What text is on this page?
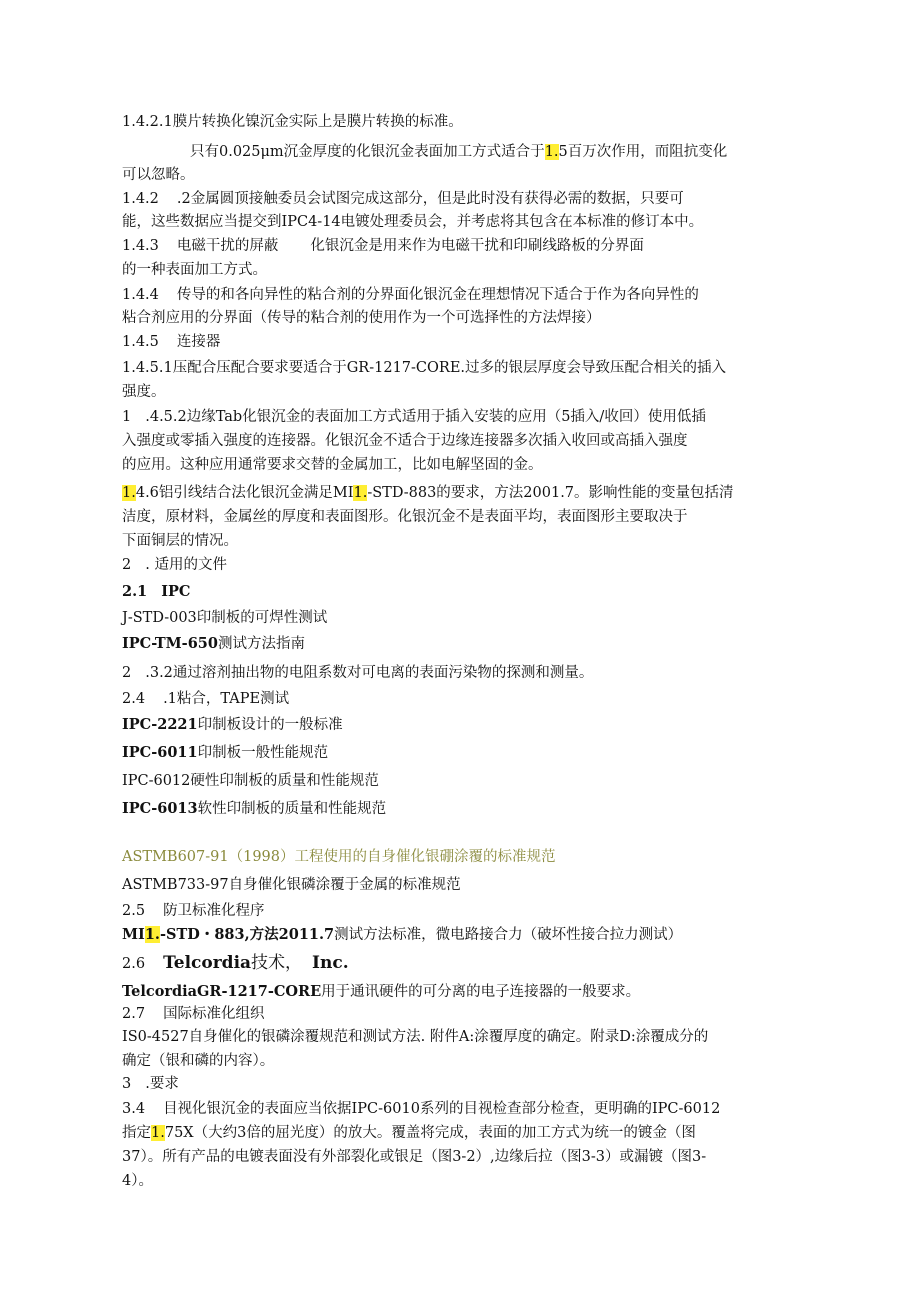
1.4.2.1膜片转换化镍沉金实际上是膜片转换的标准。

只有0.025μm沉金厚度的化银沉金表面加工方式适合于1.5百万次作用，而阻抗变化

可以忽略。

1.4.2 .2金属圆顶接触委员会试图完成这部分，但是此时没有获得必需的数据，只要可

能，这些数据应当提交到IPC4-14电镀处理委员会，并考虑将其包含在本标准的修订本中。

1.4.3 电磁干扰的屏蔽 化银沉金是用来作为电磁干扰和印刷线路板的分界面

的一种表面加工方式。

1.4.4 传导的和各向异性的粘合剂的分界面化银沉金在理想情况下适合于作为各向异性的

粘合剂应用的分界面（传导的粘合剂的使用作为一个可选择性的方法焊接）

1.4.5 连接器

1.4.5.1压配合压配合要求要适合于GR-1217-CORE.过多的银层厚度会导致压配合相关的插入

强度。

1 .4.5.2边缘Tab化银沉金的表面加工方式适用于插入安装的应用（5插入/收回）使用低插

入强度或零插入强度的连接器。化银沉金不适合于边缘连接器多次插入收回或高插入强度

的应用。这种应用通常要求交替的金属加工，比如电解坚固的金。

1.4.6铝引线结合法化银沉金满足MI1.-STD-883的要求，方法2001.7。影响性能的变量包括清

洁度，原材料，金属丝的厚度和表面图形。化银沉金不是表面平均，表面图形主要取决于

下面铜层的情况。

2 . 适用的文件

2.1 IPC

J-STD-003印制板的可焊性测试

IPC-TM-650测试方法指南

2 .3.2通过溶剂抽出物的电阻系数对可电离的表面污染物的探测和测量。

2.4 .1粘合，TAPE测试

IPC-2221印制板设计的一般标准

IPC-6011印制板一般性能规范

IPC-6012硬性印制板的质量和性能规范

IPC-6013软性印制板的质量和性能规范

ASTMB607-91（1998）工程使用的自身催化银硼涂覆的标准规范

ASTMB733-97自身催化银磷涂覆于金属的标准规范

2.5 防卫标准化程序

MI1.-STD・883,方法2011.7测试方法标准，微电路接合力（破坏性接合拉力测试）

2.6 Telcordia技术， Inc.

TelcordiaGR-1217-CORE用于通讯硬件的可分离的电子连接器的一般要求。

2.7 国际标准化组织

IS0-4527自身催化的银磷涂覆规范和测试方法. 附件A:涂覆厚度的确定。附录D:涂覆成分的

确定（银和磷的内容）。

3 .要求

3.4 目视化银沉金的表面应当依据IPC-6010系列的目视检查部分检查，更明确的IPC-6012

指定1.75X（大约3倍的屈光度）的放大。覆盖将完成，表面的加工方式为统一的镀金（图

37）。所有产品的电镀表面没有外部裂化或银足（图3-2）,边缘后拉（图3-3）或漏镀（图3-

4）。
